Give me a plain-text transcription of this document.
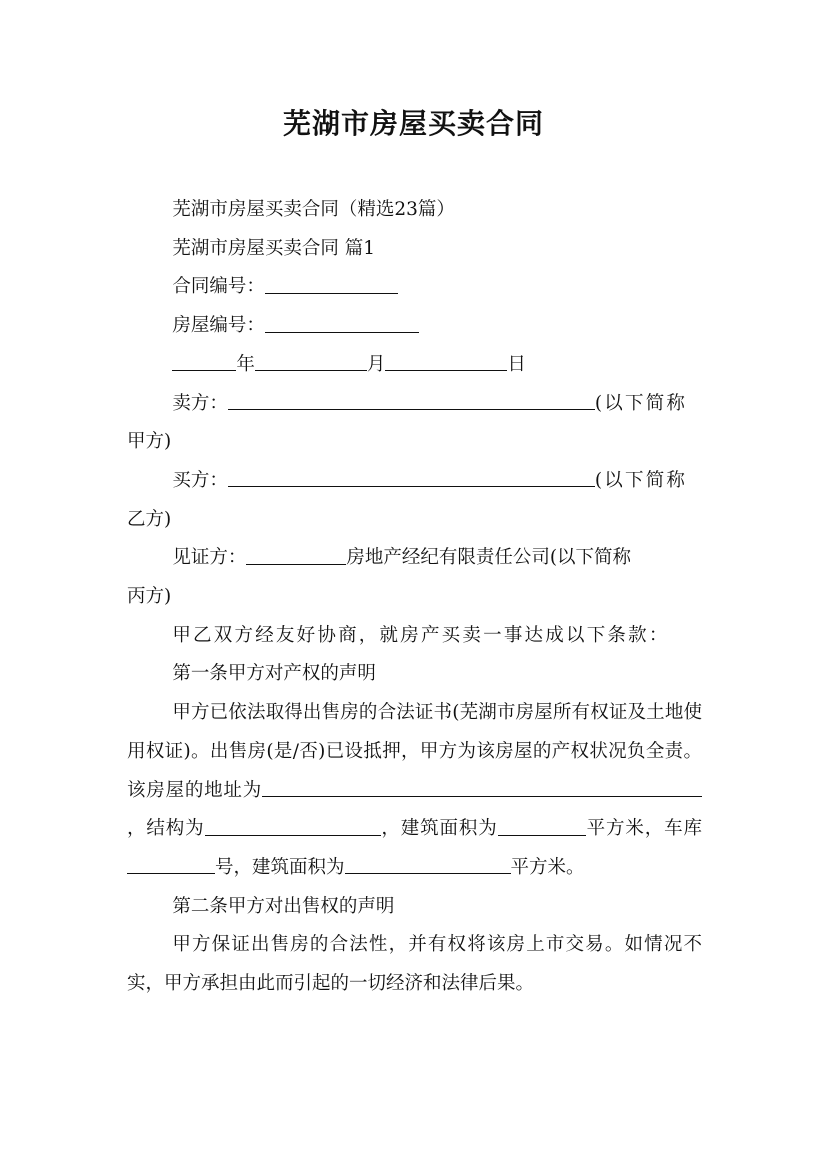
芜湖市房屋买卖合同

芜湖市房屋买卖合同（精选23篇）

芜湖市房屋买卖合同 篇1

合同编号：

房屋编号：

年	月	日

卖方：	(以下简称

甲方)

买方：	(以下简称

乙方)

见证方：	房地产经纪有限责任公司(以下简称

丙方)

甲乙双方经友好协商，就房产买卖一事达成以下条款：

第一条甲方对产权的声明

甲方已依法取得出售房的合法证书(芜湖市房屋所有权证及土地使用权证)。出售房(是/否)已设抵押，甲方为该房屋的产权状况负全责。该房屋的地址为，结构为	，建筑面积为	平方米，车库号，建筑面积为	平方米。

第二条甲方对出售权的声明

甲方保证出售房的合法性，并有权将该房上市交易。如情况不实，甲方承担由此而引起的一切经济和法律后果。
